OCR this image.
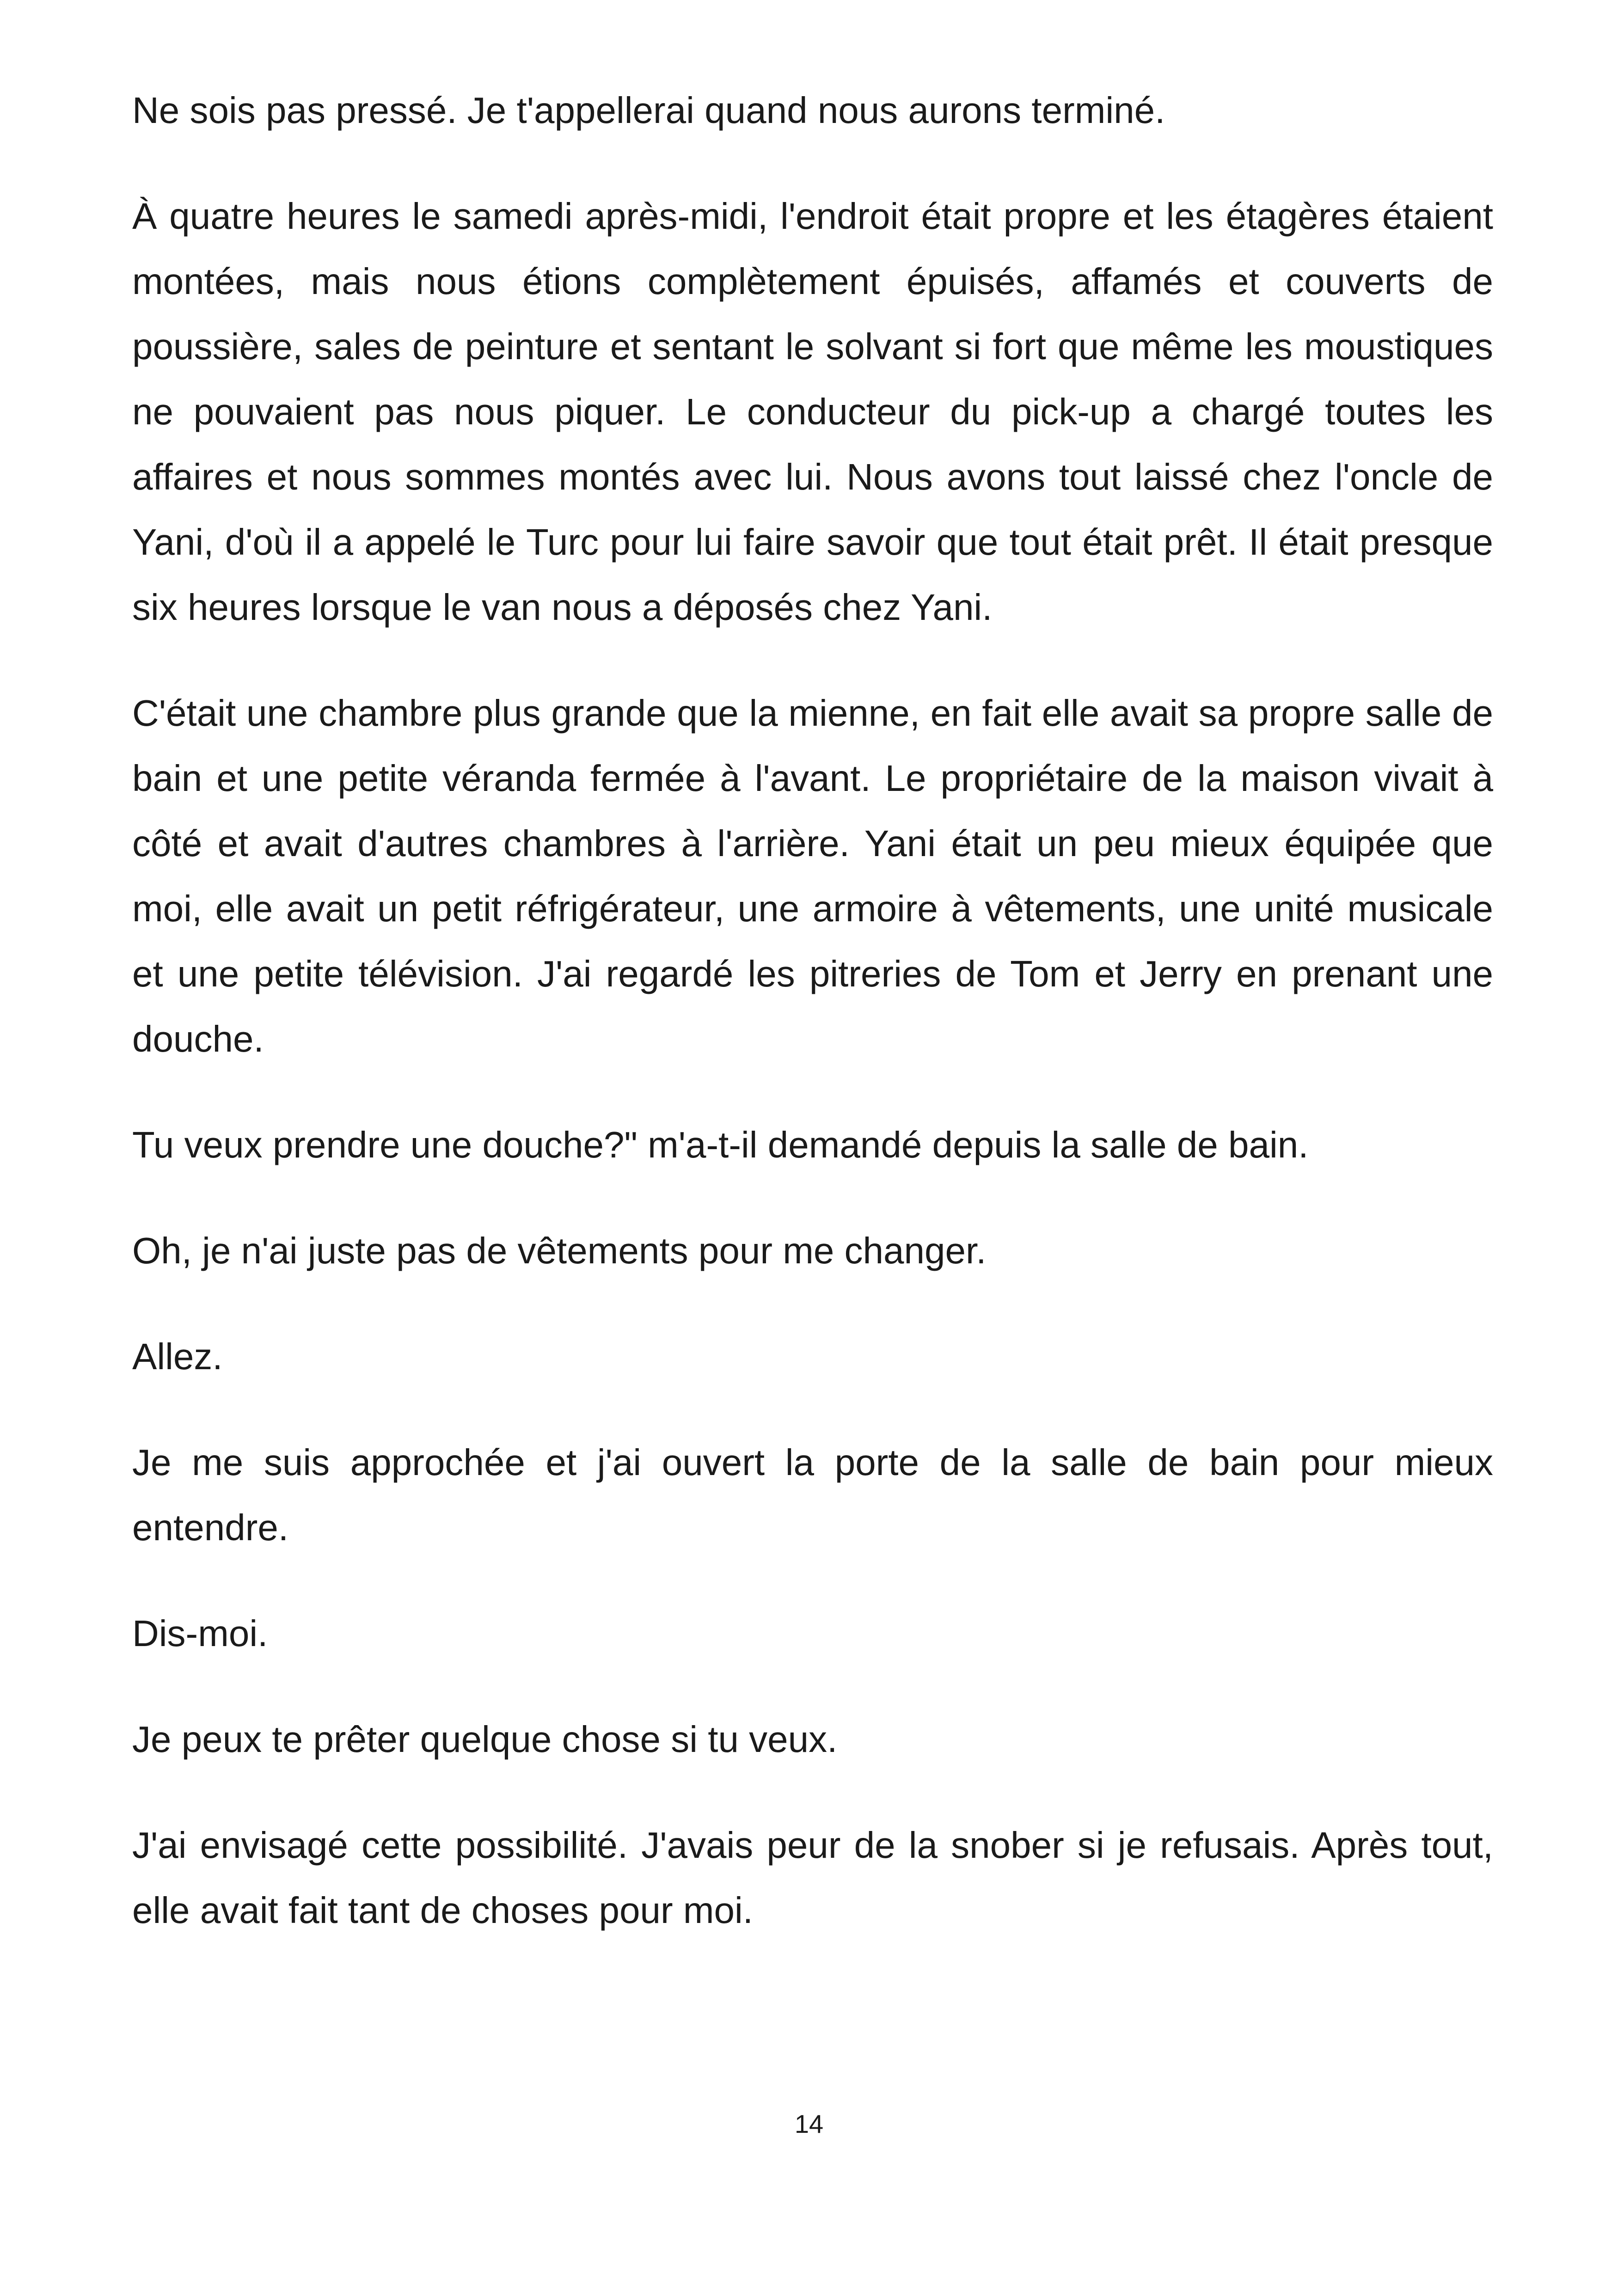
Ne sois pas pressé. Je t'appellerai quand nous aurons terminé.

À quatre heures le samedi après-midi, l'endroit était propre et les étagères étaient montées, mais nous étions complètement épuisés, affamés et couverts de poussière, sales de peinture et sentant le solvant si fort que même les moustiques ne pouvaient pas nous piquer. Le conducteur du pick-up a chargé toutes les affaires et nous sommes montés avec lui. Nous avons tout laissé chez l'oncle de Yani, d'où il a appelé le Turc pour lui faire savoir que tout était prêt. Il était presque six heures lorsque le van nous a déposés chez Yani.

C'était une chambre plus grande que la mienne, en fait elle avait sa propre salle de bain et une petite véranda fermée à l'avant. Le propriétaire de la maison vivait à côté et avait d'autres chambres à l'arrière. Yani était un peu mieux équipée que moi, elle avait un petit réfrigérateur, une armoire à vêtements, une unité musicale et une petite télévision. J'ai regardé les pitreries de Tom et Jerry en prenant une douche.

Tu veux prendre une douche?" m'a-t-il demandé depuis la salle de bain.

Oh, je n'ai juste pas de vêtements pour me changer.

Allez.

Je me suis approchée et j'ai ouvert la porte de la salle de bain pour mieux entendre.

Dis-moi.

Je peux te prêter quelque chose si tu veux.

J'ai envisagé cette possibilité. J'avais peur de la snober si je refusais. Après tout, elle avait fait tant de choses pour moi.

14
